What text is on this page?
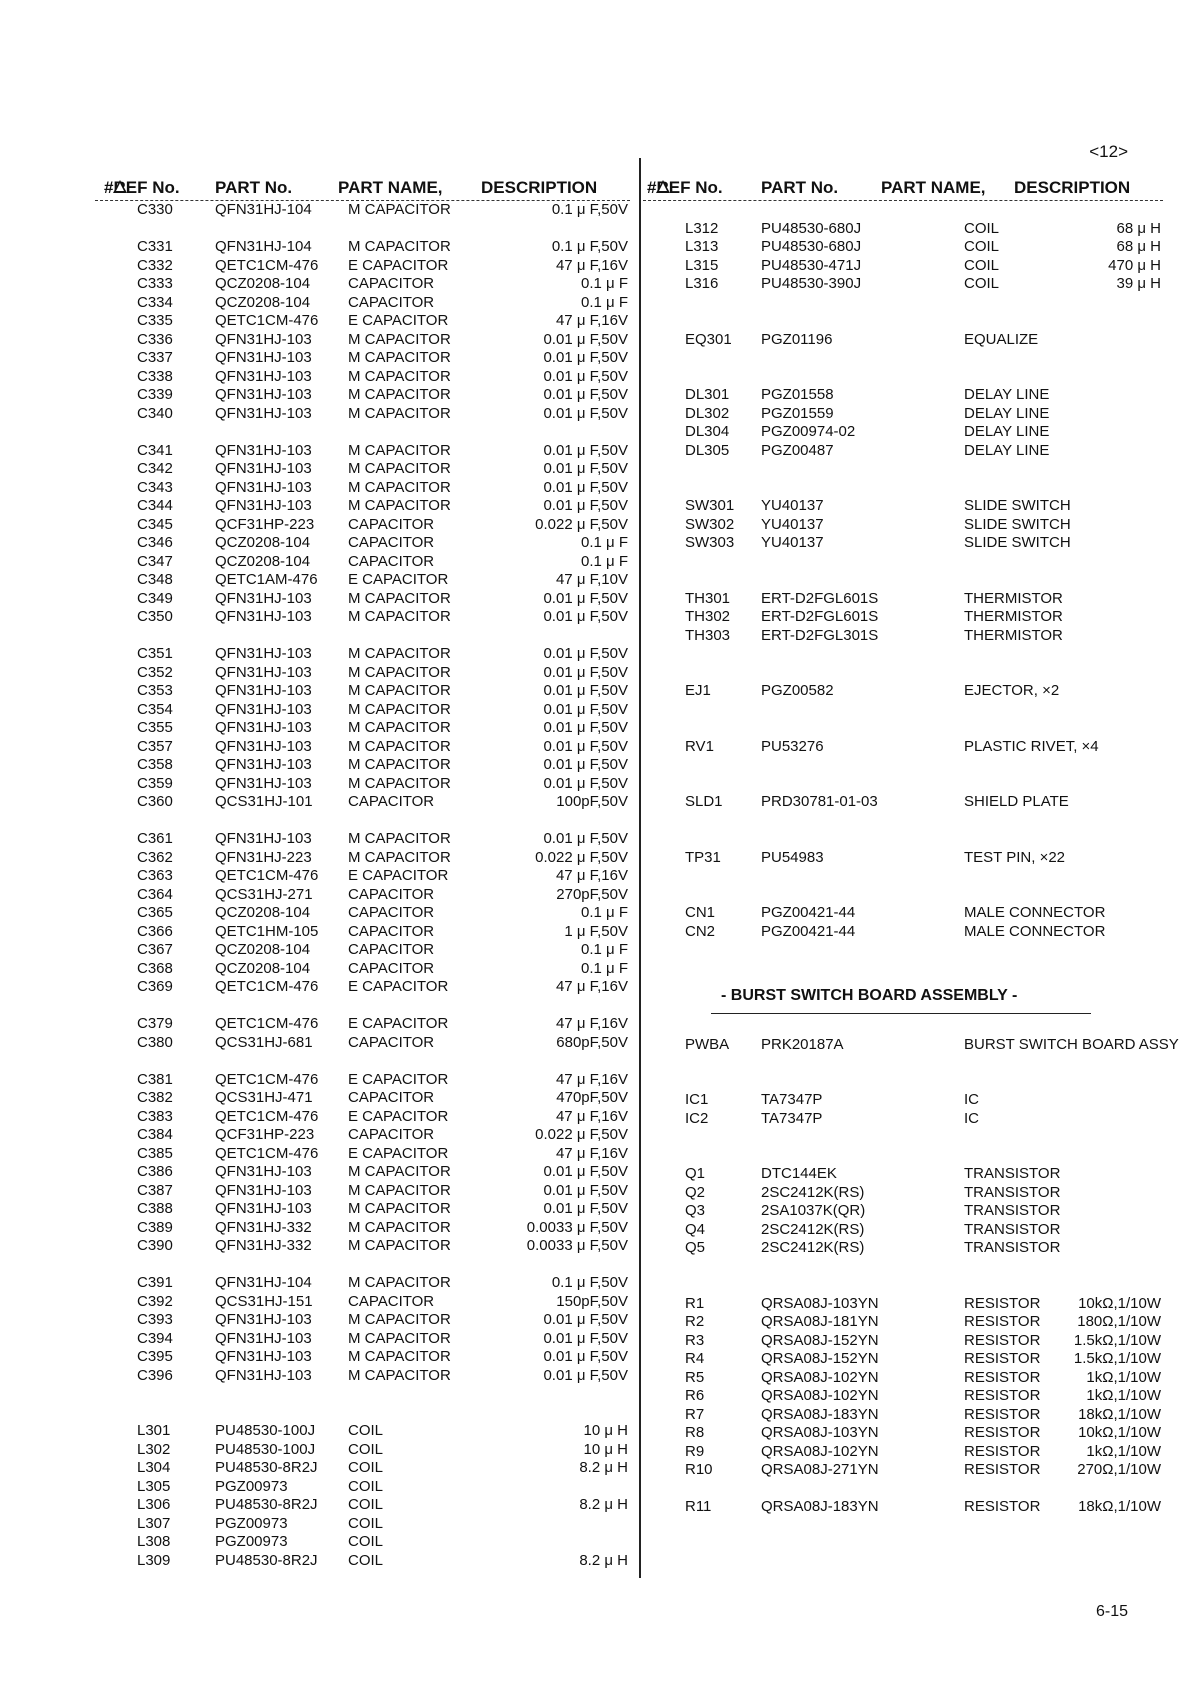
<12>
#
REF No. PART No.	PART NAME, DESCRIPTION
C330	QFN31HJ-104 M CAPACITOR	0.1 μ F,50V
C331	QFN31HJ-104 M CAPACITOR	0.1 μ F,50V
C332	QETC1CM-476 E CAPACITOR	47 μ F,16V
C333	QCZ0208-104	CAPACITOR	0.1 μ F
C334	QCZ0208-104	CAPACITOR	0.1 μ F
C335	QETC1CM-476 E CAPACITOR	47 μ F,16V
C336	QFN31HJ-103 M CAPACITOR	0.01 μ F,50V
C337	QFN31HJ-103 M CAPACITOR	0.01 μ F,50V
C338	QFN31HJ-103 M CAPACITOR	0.01 μ F,50V
C339	QFN31HJ-103 M CAPACITOR	0.01 μ F,50V
C340	QFN31HJ-103 M CAPACITOR	0.01 μ F,50V
C341	QFN31HJ-103 M CAPACITOR	0.01 μ F,50V
C342	QFN31HJ-103 M CAPACITOR	0.01 μ F,50V
C343	QFN31HJ-103 M CAPACITOR	0.01 μ F,50V
C344	QFN31HJ-103 M CAPACITOR	0.01 μ F,50V
C345	QCF31HP-223 CAPACITOR	0.022 μ F,50V
C346	QCZ0208-104	CAPACITOR	0.1 μ F
C347	QCZ0208-104	CAPACITOR	0.1 μ F
C348	QETC1AM-476 E CAPACITOR	47 μ F,10V
C349	QFN31HJ-103 M CAPACITOR	0.01 μ F,50V
C350	QFN31HJ-103 M CAPACITOR	0.01 μ F,50V
C351	QFN31HJ-103 M CAPACITOR	0.01 μ F,50V
C352	QFN31HJ-103 M CAPACITOR	0.01 μ F,50V
C353	QFN31HJ-103 M CAPACITOR	0.01 μ F,50V
C354	QFN31HJ-103 M CAPACITOR	0.01 μ F,50V
C355	QFN31HJ-103 M CAPACITOR	0.01 μ F,50V
C357	QFN31HJ-103 M CAPACITOR	0.01 μ F,50V
C358	QFN31HJ-103 M CAPACITOR	0.01 μ F,50V
C359	QFN31HJ-103 M CAPACITOR	0.01 μ F,50V
C360	QCS31HJ-101 CAPACITOR	100pF,50V
C361	QFN31HJ-103 M CAPACITOR	0.01 μ F,50V
C362	QFN31HJ-223 M CAPACITOR	0.022 μ F,50V
C363	QETC1CM-476 E CAPACITOR	47 μ F,16V
C364	QCS31HJ-271 CAPACITOR	270pF,50V
C365	QCZ0208-104	CAPACITOR	0.1 μ F
C366	QETC1HM-105 CAPACITOR	1 μ F,50V
C367	QCZ0208-104	CAPACITOR	0.1 μ F
C368	QCZ0208-104	CAPACITOR	0.1 μ F
C369	QETC1CM-476 E CAPACITOR	47 μ F,16V
C379	QETC1CM-476 E CAPACITOR	47 μ F,16V
C380	QCS31HJ-681 CAPACITOR	680pF,50V
C381	QETC1CM-476 E CAPACITOR	47 μ F,16V
C382	QCS31HJ-471 CAPACITOR	470pF,50V
C383	QETC1CM-476 E CAPACITOR	47 μ F,16V
C384	QCF31HP-223 CAPACITOR	0.022 μ F,50V
C385	QETC1CM-476 E CAPACITOR	47 μ F,16V
C386	QFN31HJ-103 M CAPACITOR	0.01 μ F,50V
C387	QFN31HJ-103 M CAPACITOR	0.01 μ F,50V
C388	QFN31HJ-103 M CAPACITOR	0.01 μ F,50V
C389	QFN31HJ-332 M CAPACITOR	0.0033 μ F,50V
C390	QFN31HJ-332 M CAPACITOR	0.0033 μ F,50V
C391	QFN31HJ-104 M CAPACITOR	0.1 μ F,50V
C392	QCS31HJ-151 CAPACITOR	150pF,50V
C393	QFN31HJ-103 M CAPACITOR	0.01 μ F,50V
C394	QFN31HJ-103 M CAPACITOR	0.01 μ F,50V
C395	QFN31HJ-103 M CAPACITOR	0.01 μ F,50V
C396	QFN31HJ-103 M CAPACITOR	0.01 μ F,50V
L301	PU48530-100J COIL	10 μ H
L302	PU48530-100J COIL	10 μ H
L304	PU48530-8R2J COIL	8.2 μ H
L305	PGZ00973	COIL
L306	PU48530-8R2J COIL	8.2 μ H
L307	PGZ00973	COIL
L308	PGZ00973	COIL
L309	PU48530-8R2J COIL	8.2 μ H
#
REF No. PART No.	PART NAME, DESCRIPTION
L312	PU48530-680J	COIL	68 μ H
L313	PU48530-680J	COIL	68 μ H
L315	PU48530-471J	COIL	470 μ H
L316	PU48530-390J	COIL	39 μ H
EQ301 PGZ01196	EQUALIZE
DL301 PGZ01558	DELAY LINE
DL302 PGZ01559	DELAY LINE
DL304 PGZ00974-02	DELAY LINE
DL305 PGZ00487	DELAY LINE
SW301 YU40137	SLIDE SWITCH
SW302 YU40137	SLIDE SWITCH
SW303 YU40137	SLIDE SWITCH
TH301 ERT-D2FGL601S	THERMISTOR
TH302 ERT-D2FGL601S	THERMISTOR
TH303 ERT-D2FGL301S	THERMISTOR
EJ1	PGZ00582	EJECTOR, ×2
RV1	PU53276	PLASTIC RIVET, ×4
SLD1	PRD30781-01-03	SHIELD PLATE
TP31	PU54983	TEST PIN, ×22
CN1	PGZ00421-44	MALE CONNECTOR
CN2	PGZ00421-44	MALE CONNECTOR
- BURST SWITCH BOARD ASSEMBLY -
PWBA PRK20187A	BURST SWITCH BOARD ASSY
IC1	TA7347P	IC
IC2	TA7347P	IC
Q1	DTC144EK	TRANSISTOR
Q2	2SC2412K(RS)	TRANSISTOR
Q3	2SA1037K(QR)	TRANSISTOR
Q4	2SC2412K(RS)	TRANSISTOR
Q5	2SC2412K(RS)	TRANSISTOR
R1	QRSA08J-103YN	RESISTOR	10kΩ,1/10W
R2	QRSA08J-181YN	RESISTOR 180Ω,1/10W
R3	QRSA08J-152YN	RESISTOR 1.5kΩ,1/10W
R4	QRSA08J-152YN	RESISTOR 1.5kΩ,1/10W
R5	QRSA08J-102YN	RESISTOR	1kΩ,1/10W
R6	QRSA08J-102YN	RESISTOR	1kΩ,1/10W
R7	QRSA08J-183YN	RESISTOR	18kΩ,1/10W
R8	QRSA08J-103YN	RESISTOR	10kΩ,1/10W
R9	QRSA08J-102YN	RESISTOR	1kΩ,1/10W
R10	QRSA08J-271YN	RESISTOR 270Ω,1/10W
R11	QRSA08J-183YN	RESISTOR	18kΩ,1/10W
6-15
